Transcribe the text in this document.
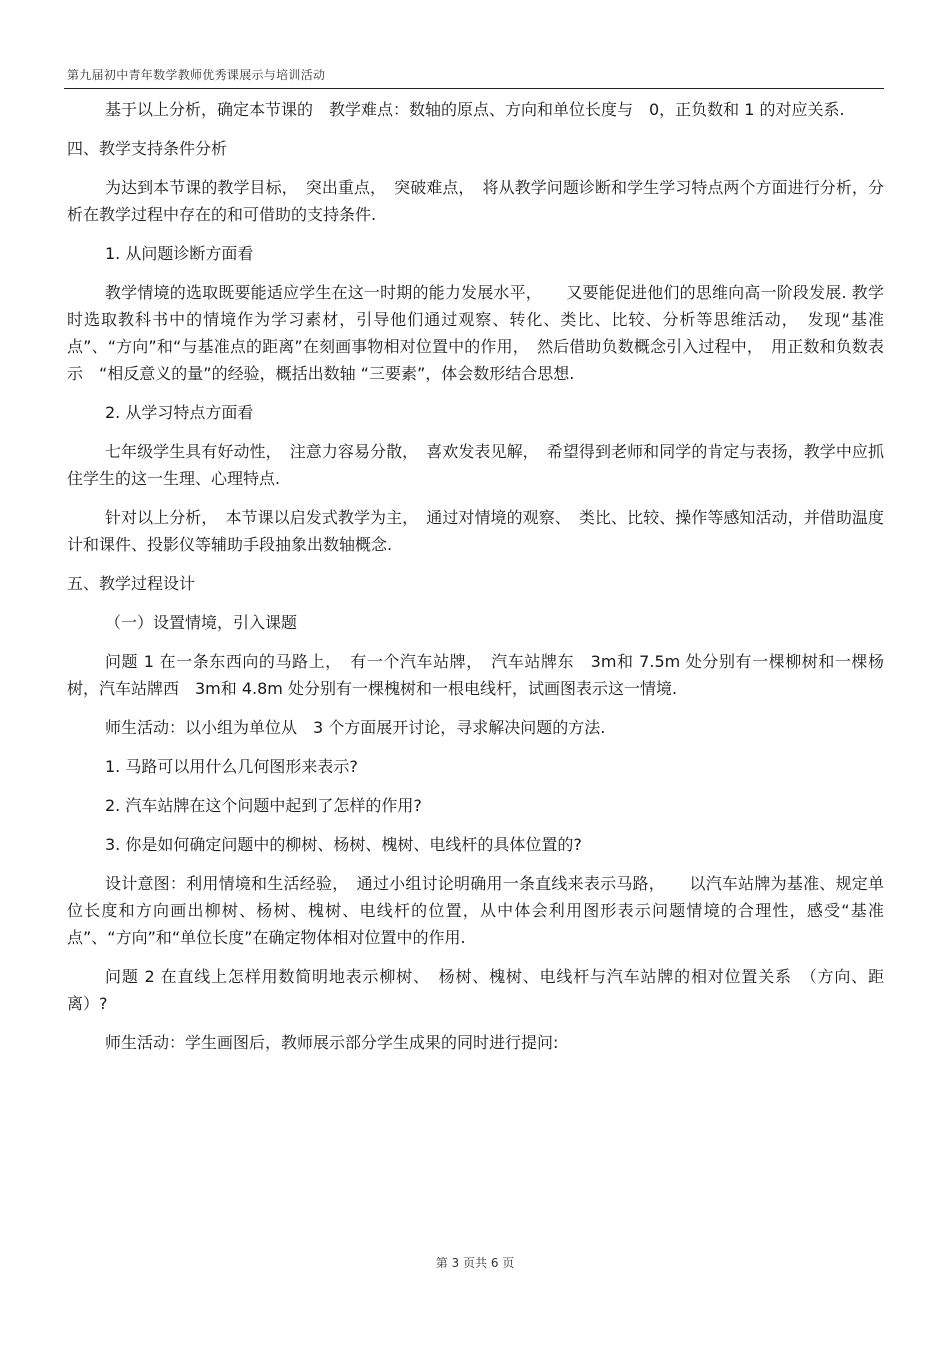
第九届初中青年数学教师优秀课展示与培训活动

基于以上分析，确定本节课的　教学难点：数轴的原点、方向和单位长度与　0，正负数和 1 的对应关系.

四、教学支持条件分析

为达到本节课的教学目标，　突出重点，　突破难点，　将从教学问题诊断和学生学习特点两个方面进行分析，分析在教学过程中存在的和可借助的支持条件.

1. 从问题诊断方面看

教学情境的选取既要能适应学生在这一时期的能力发展水平，　　又要能促进他们的思维向高一阶段发展. 教学时选取教科书中的情境作为学习素材，引导他们通过观察、转化、类比、比较、分析等思维活动，　发现“基准点”、“方向”和“与基准点的距离”在刻画事物相对位置中的作用，　然后借助负数概念引入过程中，　用正数和负数表示　“相反意义的量”的经验，概括出数轴 “三要素”，体会数形结合思想.

2. 从学习特点方面看

七年级学生具有好动性，　注意力容易分散，　喜欢发表见解，　希望得到老师和同学的肯定与表扬，教学中应抓住学生的这一生理、心理特点.

针对以上分析，　本节课以启发式教学为主，　通过对情境的观察、　类比、比较、操作等感知活动，并借助温度计和课件、投影仪等辅助手段抽象出数轴概念.

五、教学过程设计

（一）设置情境，引入课题

问题 1 在一条东西向的马路上，　有一个汽车站牌，　汽车站牌东　3m和 7.5m 处分别有一棵柳树和一棵杨树，汽车站牌西　3m和 4.8m 处分别有一棵槐树和一根电线杆，试画图表示这一情境.

师生活动：以小组为单位从　3 个方面展开讨论，寻求解决问题的方法.

1. 马路可以用什么几何图形来表示?

2. 汽车站牌在这个问题中起到了怎样的作用?

3. 你是如何确定问题中的柳树、杨树、槐树、电线杆的具体位置的?

设计意图：利用情境和生活经验，　通过小组讨论明确用一条直线来表示马路，　　以汽车站牌为基准、规定单位长度和方向画出柳树、杨树、槐树、电线杆的位置，从中体会利用图形表示问题情境的合理性，感受“基准点”、“方向”和“单位长度”在确定物体相对位置中的作用.

问题 2 在直线上怎样用数简明地表示柳树、　杨树、槐树、电线杆与汽车站牌的相对位置关系　（方向、距离）?

师生活动：学生画图后，教师展示部分学生成果的同时进行提问:

第 3 页共 6 页
